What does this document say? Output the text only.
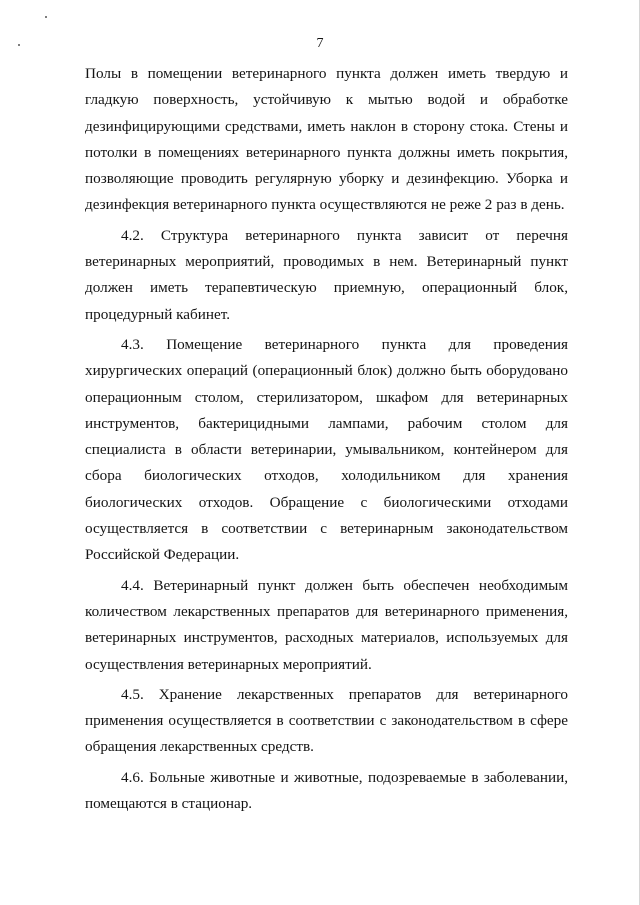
7
Полы в помещении ветеринарного пункта должен иметь твердую и
гладкую поверхность, устойчивую к мытью водой и обработке
дезинфицирующими средствами, иметь наклон в сторону стока. Стены и
потолки в помещениях ветеринарного пункта должны иметь покрытия,
позволяющие проводить регулярную уборку и дезинфекцию. Уборка и
дезинфекция ветеринарного пункта осуществляются не реже 2 раз в день.
4.2. Структура ветеринарного пункта зависит от перечня
ветеринарных мероприятий, проводимых в нем. Ветеринарный пункт
должен иметь терапевтическую приемную, операционный блок,
процедурный кабинет.
4.3. Помещение ветеринарного пункта для проведения
хирургических операций (операционный блок) должно быть оборудовано
операционным столом, стерилизатором, шкафом для ветеринарных
инструментов, бактерицидными лампами, рабочим столом для
специалиста в области ветеринарии, умывальником, контейнером для
сбора биологических отходов, холодильником для хранения
биологических отходов. Обращение с биологическими отходами
осуществляется в соответствии с ветеринарным законодательством
Российской Федерации.
4.4. Ветеринарный пункт должен быть обеспечен необходимым
количеством лекарственных препаратов для ветеринарного применения,
ветеринарных инструментов, расходных материалов, используемых для
осуществления ветеринарных мероприятий.
4.5. Хранение лекарственных препаратов для ветеринарного
применения осуществляется в соответствии с законодательством в сфере
обращения лекарственных средств.
4.6. Больные животные и животные, подозреваемые в заболевании,
помещаются в стационар.
